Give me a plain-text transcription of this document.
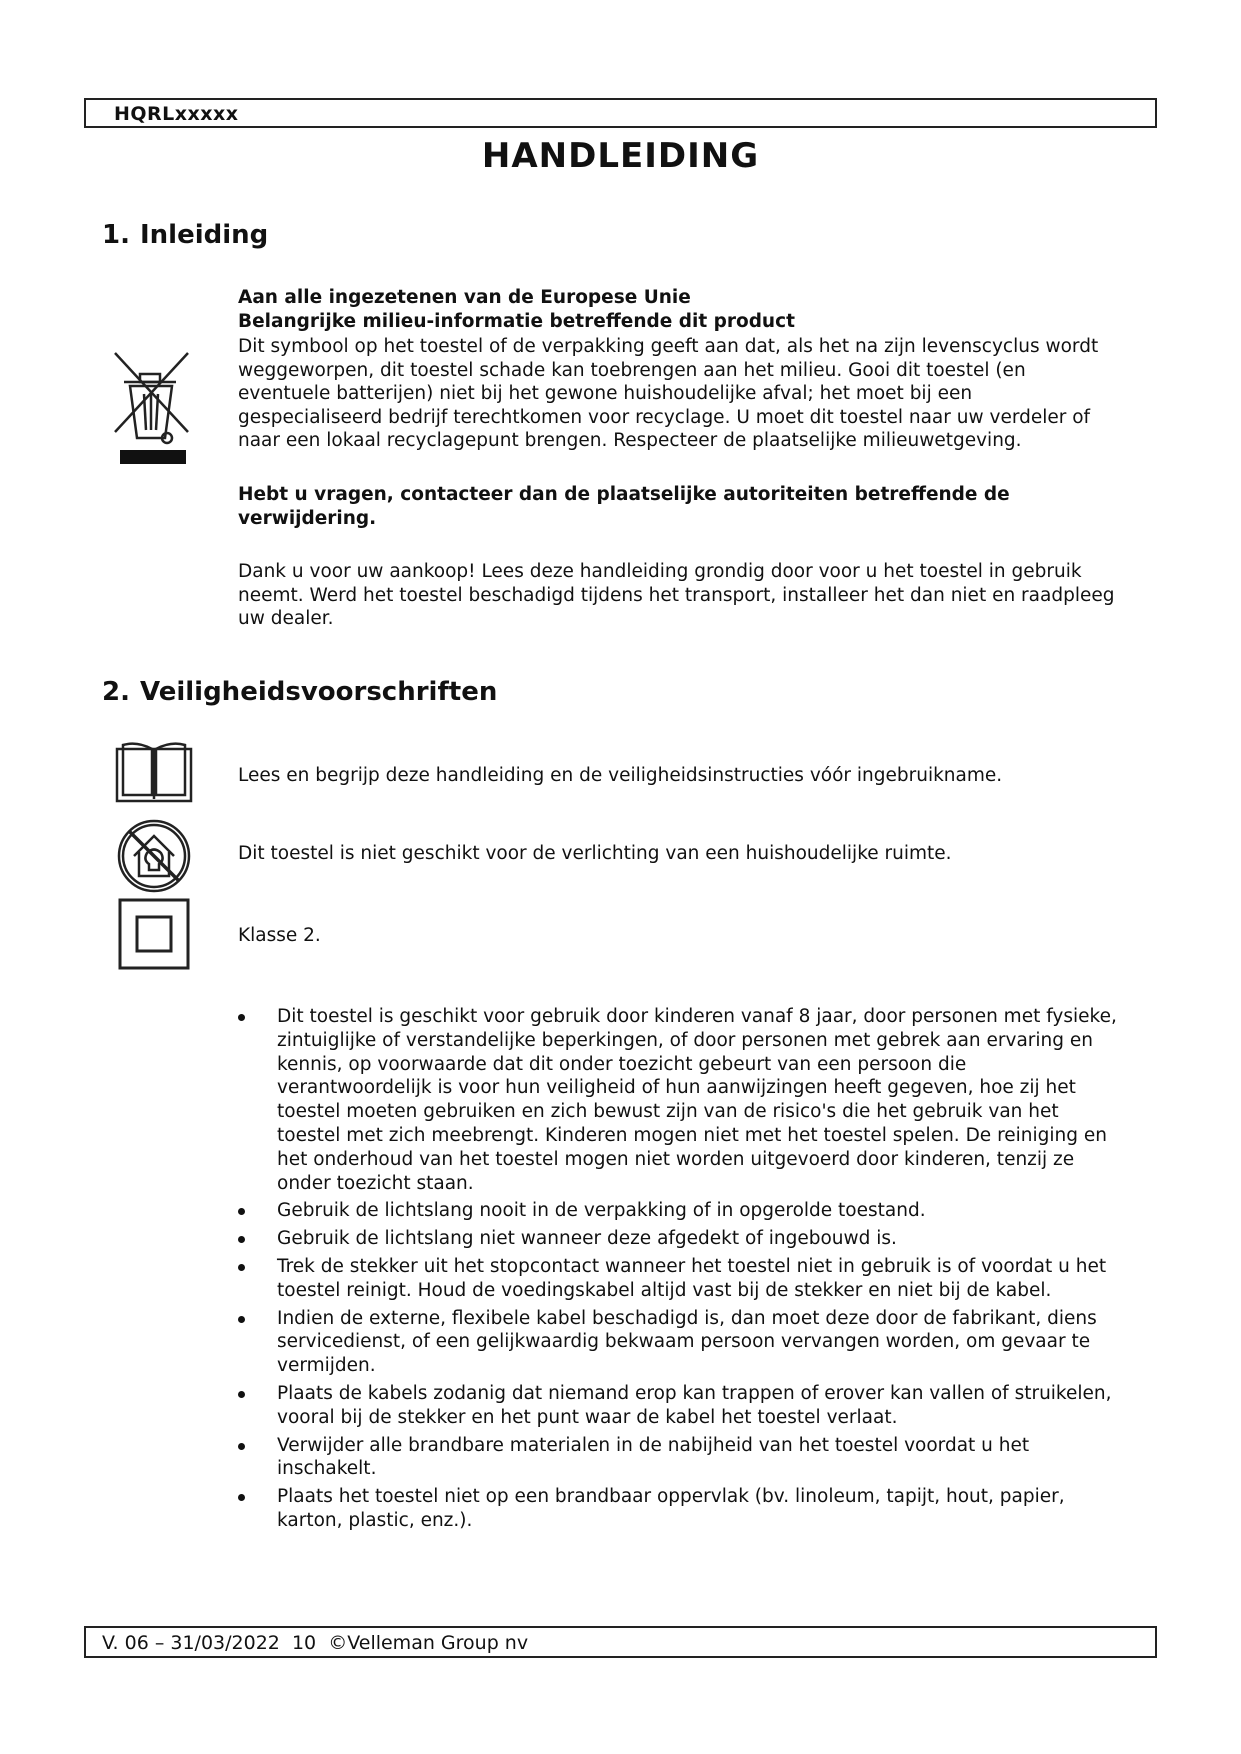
HQRLxxxxx
HANDLEIDING
1. Inleiding
Aan alle ingezetenen van de Europese Unie
Belangrijke milieu-informatie betreffende dit product
Dit symbool op het toestel of de verpakking geeft aan dat, als het na zijn levenscyclus wordt weggeworpen, dit toestel schade kan toebrengen aan het milieu. Gooi dit toestel (en eventuele batterijen) niet bij het gewone huishoudelijke afval; het moet bij een gespecialiseerd bedrijf terechtkomen voor recyclage. U moet dit toestel naar uw verdeler of naar een lokaal recyclagepunt brengen. Respecteer de plaatselijke milieuwetgeving.
Hebt u vragen, contacteer dan de plaatselijke autoriteiten betreffende de verwijdering.
Dank u voor uw aankoop! Lees deze handleiding grondig door voor u het toestel in gebruik neemt. Werd het toestel beschadigd tijdens het transport, installeer het dan niet en raadpleeg uw dealer.
2. Veiligheidsvoorschriften
Lees en begrijp deze handleiding en de veiligheidsinstructies vóór ingebruikname.
Dit toestel is niet geschikt voor de verlichting van een huishoudelijke ruimte.
Klasse 2.
Dit toestel is geschikt voor gebruik door kinderen vanaf 8 jaar, door personen met fysieke, zintuiglijke of verstandelijke beperkingen, of door personen met gebrek aan ervaring en kennis, op voorwaarde dat dit onder toezicht gebeurt van een persoon die verantwoordelijk is voor hun veiligheid of hun aanwijzingen heeft gegeven, hoe zij het toestel moeten gebruiken en zich bewust zijn van de risico's die het gebruik van het toestel met zich meebrengt. Kinderen mogen niet met het toestel spelen. De reiniging en het onderhoud van het toestel mogen niet worden uitgevoerd door kinderen, tenzij ze onder toezicht staan.
Gebruik de lichtslang nooit in de verpakking of in opgerolde toestand.
Gebruik de lichtslang niet wanneer deze afgedekt of ingebouwd is.
Trek de stekker uit het stopcontact wanneer het toestel niet in gebruik is of voordat u het toestel reinigt. Houd de voedingskabel altijd vast bij de stekker en niet bij de kabel.
Indien de externe, flexibele kabel beschadigd is, dan moet deze door de fabrikant, diens servicedienst, of een gelijkwaardig bekwaam persoon vervangen worden, om gevaar te vermijden.
Plaats de kabels zodanig dat niemand erop kan trappen of erover kan vallen of struikelen, vooral bij de stekker en het punt waar de kabel het toestel verlaat.
Verwijder alle brandbare materialen in de nabijheid van het toestel voordat u het inschakelt.
Plaats het toestel niet op een brandbaar oppervlak (bv. linoleum, tapijt, hout, papier, karton, plastic, enz.).
V. 06 – 31/03/2022  10  ©Velleman Group nv
